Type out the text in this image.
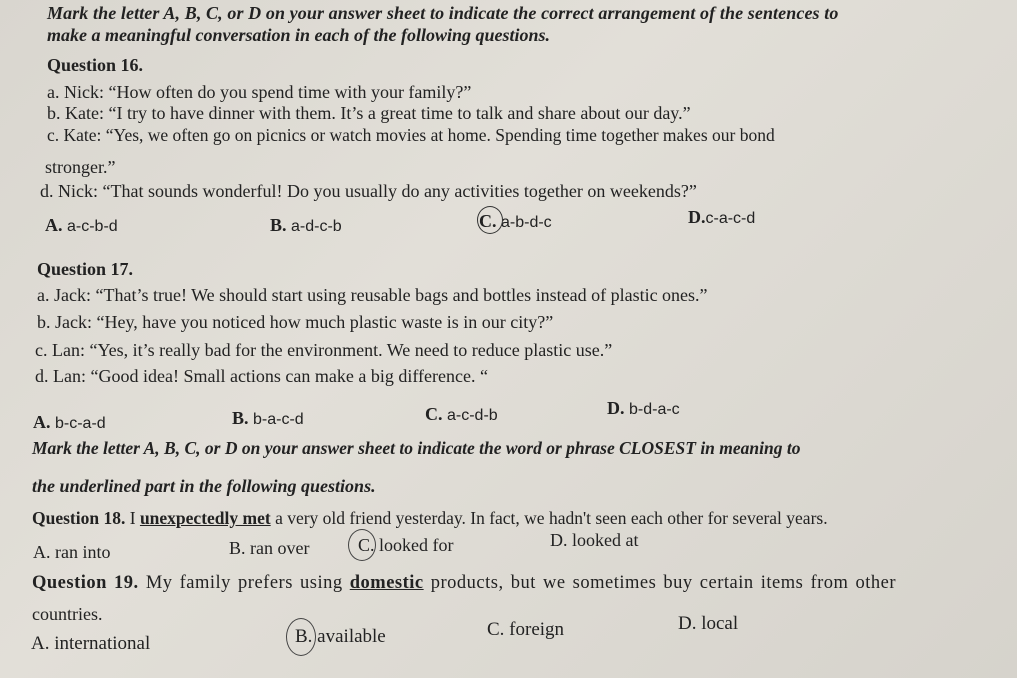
Mark the letter A, B, C, or D on your answer sheet to indicate the correct arrangement of the sentences to
make a meaningful conversation in each of the following questions.
Question 16.
a. Nick: “How often do you spend time with your family?”
b. Kate: “I try to have dinner with them. It’s a great time to talk and share about our day.”
c. Kate: “Yes, we often go on picnics or watch movies at home. Spending time together makes our bond
stronger.”
d. Nick: “That sounds wonderful! Do you usually do any activities together on weekends?”
A. a-c-b-d	B. a-d-c-b	C. a-b-d-c	D.c-a-c-d
Question 17.
a. Jack: “That’s true! We should start using reusable bags and bottles instead of plastic ones.”
b. Jack: “Hey, have you noticed how much plastic waste is in our city?”
c. Lan: “Yes, it’s really bad for the environment. We need to reduce plastic use.”
d. Lan: “Good idea! Small actions can make a big difference. “
A. b-c-a-d	B. b-a-c-d	C. a-c-d-b	D. b-d-a-c
Mark the letter A, B, C, or D on your answer sheet to indicate the word or phrase CLOSEST in meaning to
the underlined part in the following questions.
Question 18. I unexpectedly met a very old friend yesterday. In fact, we hadn't seen each other for several years.
A. ran into	B. ran over	C. looked for	D. looked at
Question 19. My family prefers using domestic products, but we sometimes buy certain items from other
countries.
A. international	B. available	C. foreign	D. local
